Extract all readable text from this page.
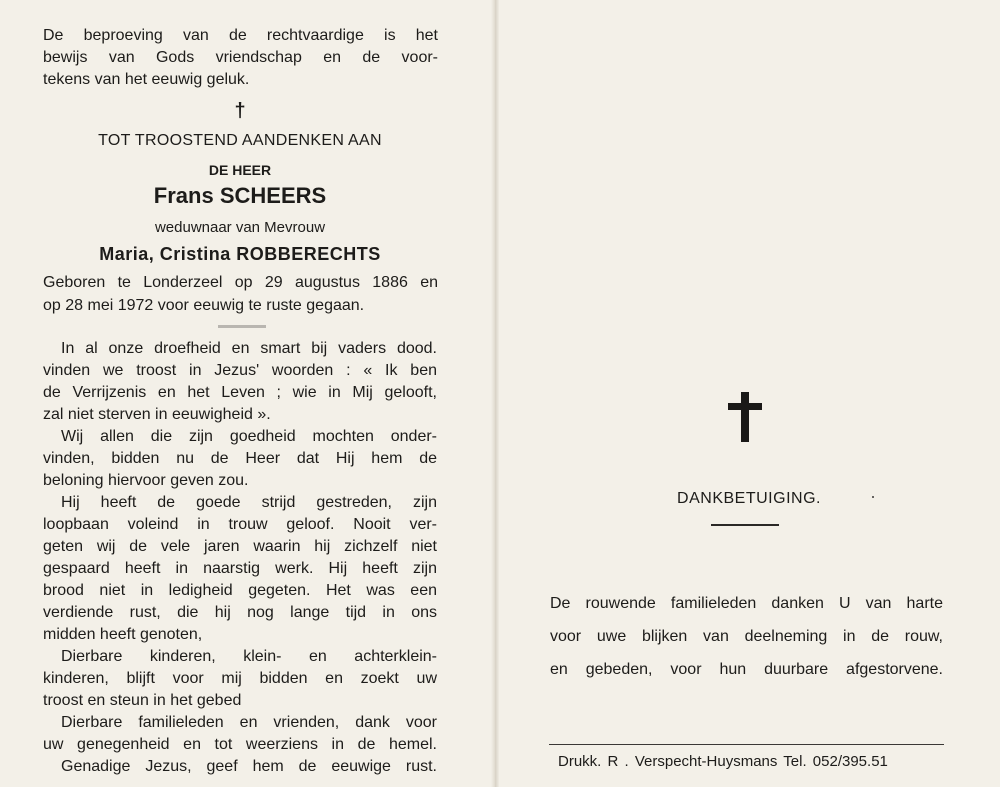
De beproeving van de rechtvaardige is het

bewijs van Gods vriendschap en de voor-

tekens van het eeuwig geluk.

†

TOT TROOSTEND AANDENKEN AAN

DE HEER

Frans SCHEERS

weduwnaar van Mevrouw

Maria, Cristina ROBBERECHTS

Geboren te Londerzeel op 29 augustus 1886 en

op 28 mei 1972 voor eeuwig te ruste gegaan.

In al onze droefheid en smart bij vaders dood.

vinden we troost in Jezus' woorden : « Ik ben

de Verrijzenis en het Leven ; wie in Mij gelooft,

zal niet sterven in eeuwigheid ».

Wij allen die zijn goedheid mochten onder-

vinden, bidden nu de Heer dat Hij hem de

beloning hiervoor geven zou.

Hij heeft de goede strijd gestreden, zijn

loopbaan voleind in trouw geloof. Nooit ver-

geten wij de vele jaren waarin hij zichzelf niet

gespaard heeft in naarstig werk. Hij heeft zijn

brood niet in ledigheid gegeten. Het was een

verdiende rust, die hij nog lange tijd in ons

midden heeft genoten,

Dierbare kinderen, klein- en achterklein-

kinderen, blijft voor mij bidden en zoekt uw

troost en steun in het gebed

Dierbare familieleden en vrienden, dank voor

uw genegenheid en tot weerziens in de hemel.

Genadige Jezus, geef hem de eeuwige rust.

DANKBETUIGING.

De rouwende familieleden danken U van harte

voor uwe blijken van deelneming in de rouw,

en gebeden, voor hun duurbare afgestorvene.

Drukk. R . Verspecht-Huysmans Tel. 052/395.51
